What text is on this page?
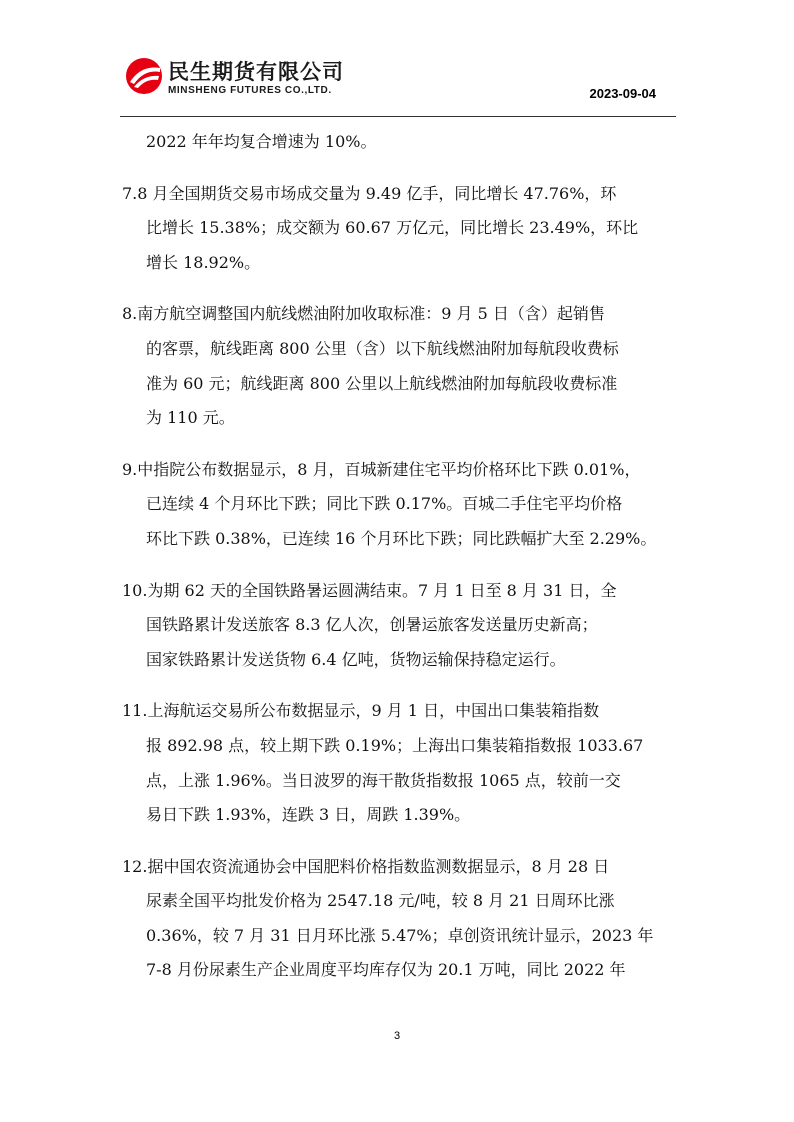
民生期货有限公司
MINSHENG FUTURES CO.,LTD.	2023-09-04
2022 年年均复合增速为 10%。
7.8 月全国期货交易市场成交量为 9.49 亿手，同比增长 47.76%，环
比增长 15.38%；成交额为 60.67 万亿元，同比增长 23.49%，环比
增长 18.92%。
8.南方航空调整国内航线燃油附加收取标准：9 月 5 日（含）起销售
的客票，航线距离 800 公里（含）以下航线燃油附加每航段收费标
准为 60 元；航线距离 800 公里以上航线燃油附加每航段收费标准
为 110 元。
9.中指院公布数据显示，8 月，百城新建住宅平均价格环比下跌 0.01%，
已连续 4 个月环比下跌；同比下跌 0.17%。百城二手住宅平均价格
环比下跌 0.38%，已连续 16 个月环比下跌；同比跌幅扩大至 2.29%。
10.为期 62 天的全国铁路暑运圆满结束。7 月 1 日至 8 月 31 日，全
国铁路累计发送旅客 8.3 亿人次，创暑运旅客发送量历史新高；
国家铁路累计发送货物 6.4 亿吨，货物运输保持稳定运行。
11.上海航运交易所公布数据显示，9 月 1 日，中国出口集装箱指数
报 892.98 点，较上期下跌 0.19%；上海出口集装箱指数报 1033.67
点，上涨 1.96%。当日波罗的海干散货指数报 1065 点，较前一交
易日下跌 1.93%，连跌 3 日，周跌 1.39%。
12.据中国农资流通协会中国肥料价格指数监测数据显示，8 月 28 日
尿素全国平均批发价格为 2547.18 元/吨，较 8 月 21 日周环比涨
0.36%，较 7 月 31 日月环比涨 5.47%；卓创资讯统计显示，2023 年
7-8 月份尿素生产企业周度平均库存仅为 20.1 万吨，同比 2022 年
3
